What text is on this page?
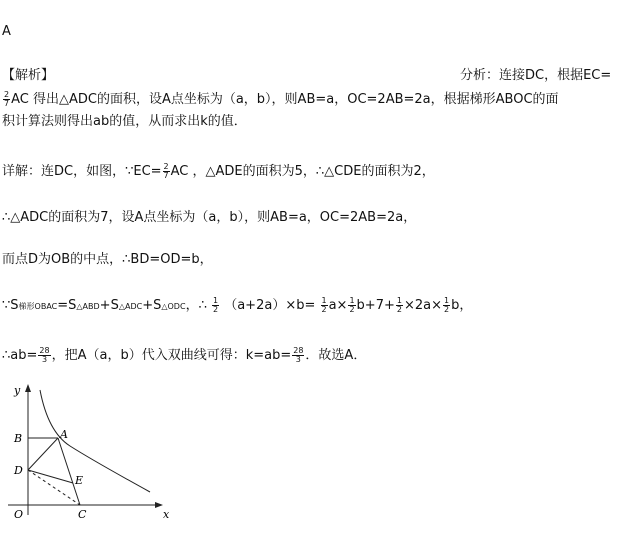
A
【解析】	分析：连接DC，根据EC=
$\frac{2}{7}$ AC 得出△ADC的面积，设A点坐标为（a，b），则AB=a，OC=2AB=2a，根据梯形ABOC的面
积计算法则得出ab的值，从而求出k的值．
详解：连DC，如图，∵EC= $\frac{2}{7}$ AC ，△ADE的面积为5，∴△CDE的面积为2，
∴△ADC的面积为7，设A点坐标为（a，b），则AB=a，OC=2AB=2a，
而点D为OB的中点，∴BD=OD=b，
∵S梯形OBAC=S△ABD+S△ADC+S△ODC，∴ $\frac{1}{2} (a+2a)\times b= \frac{1}{2} a\times \frac{1}{2} b+7+ \frac{1}{2} \times 2a\times \frac{1}{2}$ b，
∴ab= $\frac{28}{3}$ ，把A（a，b）代入双曲线可得：$k=ab= \frac{28}{3}$ ．故选A．
y
x
O
B	A
D
E
C
